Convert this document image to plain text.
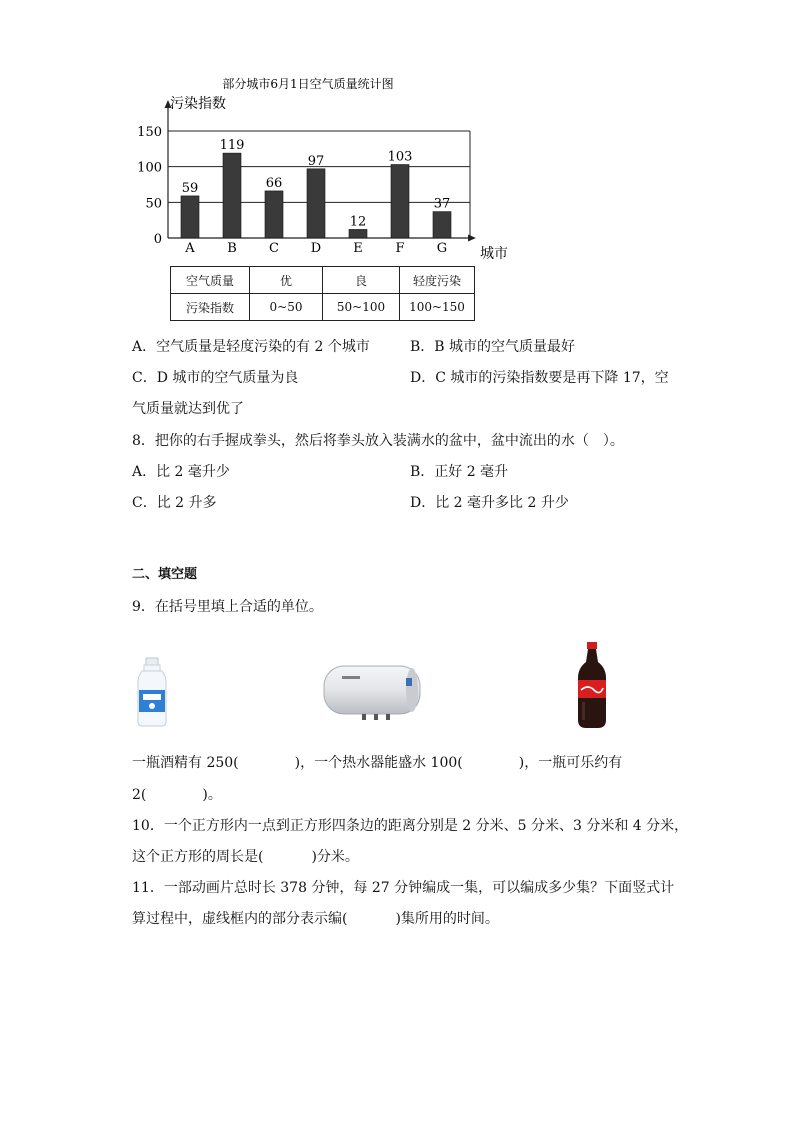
0
50
100
150
59
A
119
B
66
C
97
D
12
E
103
F
37
G
部分城市6月1日空气质量统计图
污染指数
城市
空气质量	优	良	轻度污染
污染指数	0~50	50~100	100~150
A．空气质量是轻度污染的有 2 个城市	B．B 城市的空气质量最好
C．D 城市的空气质量为良	D．C 城市的污染指数要是再下降 17，空
气质量就达到优了
8．把你的右手握成拳头，然后将拳头放入装满水的盆中，盆中流出的水（　）。
A．比 2 毫升少	B．正好 2 毫升
C．比 2 升多	D．比 2 毫升多比 2 升少
二、填空题
9．在括号里填上合适的单位。
一瓶酒精有 250(	)，一个热水器能盛水 100(	)，一瓶可乐约有
2(	)。
10．一个正方形内一点到正方形四条边的距离分别是 2 分米、5 分米、3 分米和 4 分米，
这个正方形的周长是(	)分米。
11．一部动画片总时长 378 分钟，每 27 分钟编成一集，可以编成多少集？下面竖式计
算过程中，虚线框内的部分表示编(	)集所用的时间。
